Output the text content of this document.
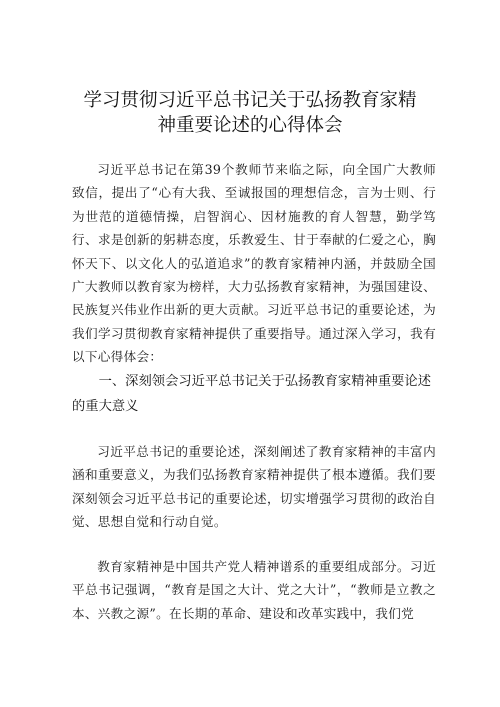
学习贯彻习近平总书记关于弘扬教育家精
神重要论述的心得体会

习近平总书记在第39个教师节来临之际，向全国广大教师致信，提出了“心有大我、至诚报国的理想信念，言为士则、行为世范的道德情操，启智润心、因材施教的育人智慧，勤学笃行、求是创新的躬耕态度，乐教爱生、甘于奉献的仁爱之心，胸怀天下、以文化人的弘道追求”的教育家精神内涵，并鼓励全国广大教师以教育家为榜样，大力弘扬教育家精神，为强国建设、民族复兴伟业作出新的更大贡献。习近平总书记的重要论述，为我们学习贯彻教育家精神提供了重要指导。通过深入学习，我有以下心得体会：

一、深刻领会习近平总书记关于弘扬教育家精神重要论述的重大意义

习近平总书记的重要论述，深刻阐述了教育家精神的丰富内涵和重要意义，为我们弘扬教育家精神提供了根本遵循。我们要深刻领会习近平总书记的重要论述，切实增强学习贯彻的政治自觉、思想自觉和行动自觉。

教育家精神是中国共产党人精神谱系的重要组成部分。习近平总书记强调，“教育是国之大计、党之大计”，“教师是立教之本、兴教之源”。在长期的革命、建设和改革实践中，我们党
